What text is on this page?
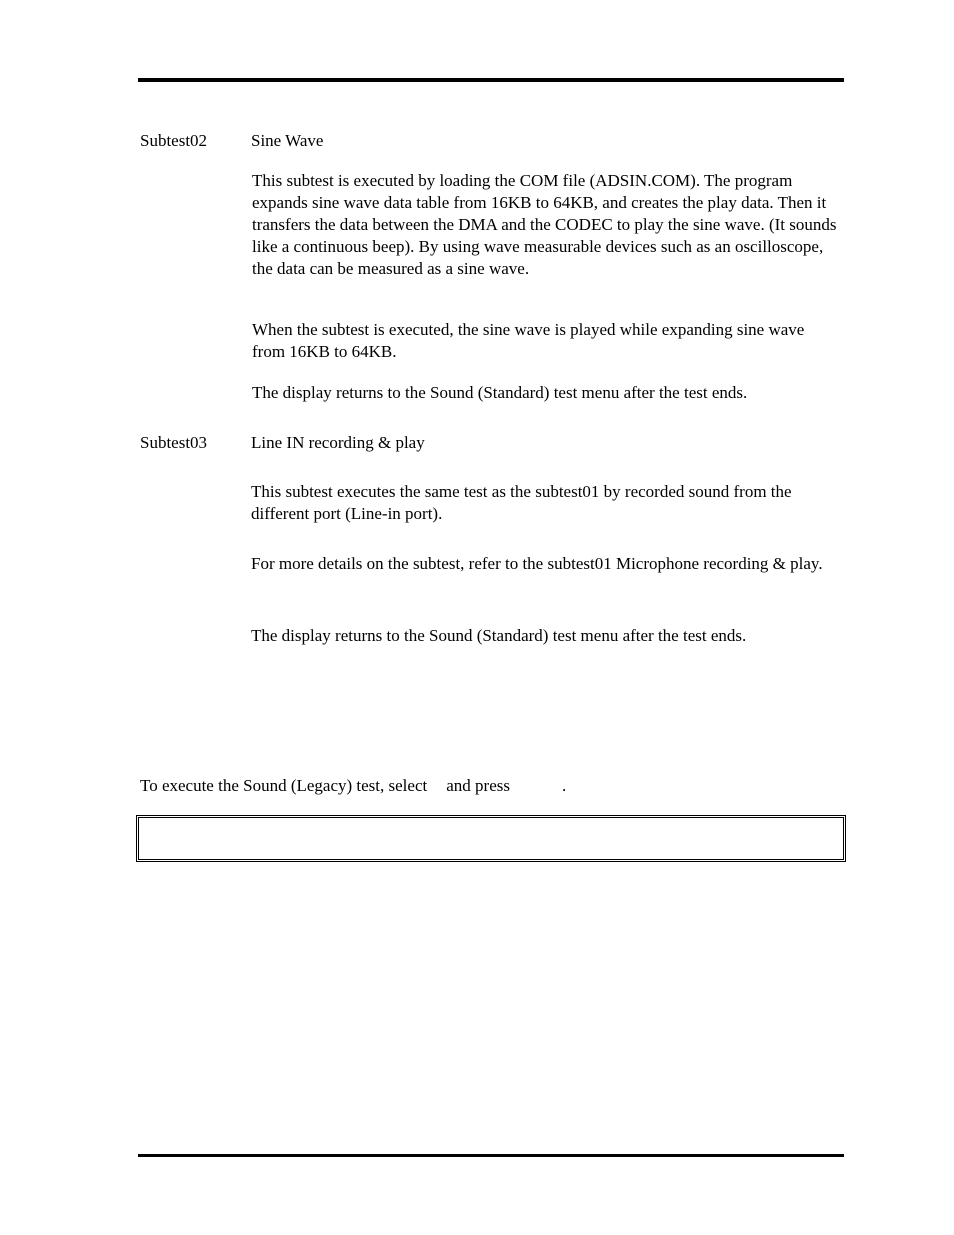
Subtest02	Sine Wave

This subtest is executed by loading the COM file (ADSIN.COM). The program expands sine wave data table from 16KB to 64KB, and creates the play data. Then it transfers the data between the DMA and the CODEC to play the sine wave. (It sounds like a continuous beep). By using wave measurable devices such as an oscilloscope, the data can be measured as a sine wave.

When the subtest is executed, the sine wave is played while expanding sine wave from 16KB to 64KB.

The display returns to the Sound (Standard) test menu after the test ends.

Subtest03	Line IN recording & play

This subtest executes the same test as the subtest01 by recorded sound from the different port (Line-in port).

For more details on the subtest, refer to the subtest01 Microphone recording & play.

The display returns to the Sound (Standard) test menu after the test ends.

To execute the Sound (Legacy) test, select and press	.
